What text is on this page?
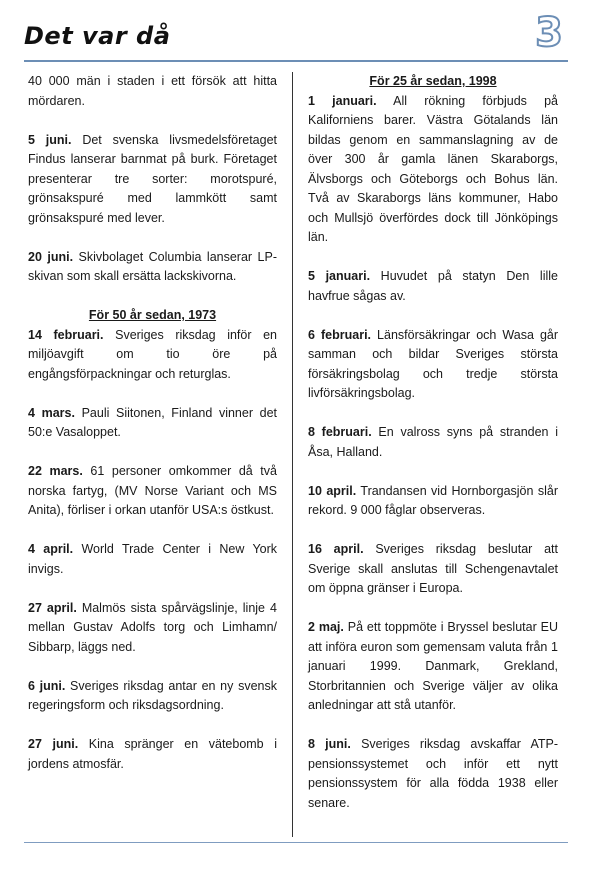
Det var då	3

40 000 män i staden i ett försök att hitta mördaren.

5 juni. Det svenska livsmedelsföretaget Findus lanserar barnmat på burk. Företaget presenterar tre sorter: morotspuré, grönsakspuré med lammkött samt grönsakspuré med lever.

20 juni. Skivbolaget Columbia lanserar LP-skivan som skall ersätta lackskivorna.

För 50 år sedan, 1973

14 februari. Sveriges riksdag inför en miljöavgift om tio öre på engångsförpackningar och returglas.

4 mars. Pauli Siitonen, Finland vinner det 50:e Vasaloppet.

22 mars. 61 personer omkommer då två norska fartyg, (MV Norse Variant och MS Anita), förliser i orkan utanför USA:s östkust.

4 april. World Trade Center i New York invigs.

27 april. Malmös sista spårvägslinje, linje 4 mellan Gustav Adolfs torg och Limhamn/ Sibbarp, läggs ned.

6 juni. Sveriges riksdag antar en ny svensk regeringsform och riksdagsordning.

27 juni. Kina spränger en vätebomb i jordens atmosfär.

För 25 år sedan, 1998

1 januari. All rökning förbjuds på Kaliforniens barer. Västra Götalands län bildas genom en sammanslagning av de över 300 år gamla länen Skaraborgs, Älvsborgs och Göteborgs och Bohus län. Två av Skaraborgs läns kommuner, Habo och Mullsjö överfördes dock till Jönköpings län.

5 januari. Huvudet på statyn Den lille havfrue sågas av.

6 februari. Länsförsäkringar och Wasa går samman och bildar Sveriges största försäkringsbolag och tredje största livförsäkringsbolag.

8 februari. En valross syns på stranden i Åsa, Halland.

10 april. Trandansen vid Hornborgasjön slår rekord. 9 000 fåglar observeras.

16 april. Sveriges riksdag beslutar att Sverige skall anslutas till Schengenavtalet om öppna gränser i Europa.

2 maj. På ett toppmöte i Bryssel beslutar EU att införa euron som gemensam valuta från 1 januari 1999. Danmark, Grekland, Storbritannien och Sverige väljer av olika anledningar att stå utanför.

8 juni. Sveriges riksdag avskaffar ATP-pensionssystemet och inför ett nytt pensionssystem för alla födda 1938 eller senare.
